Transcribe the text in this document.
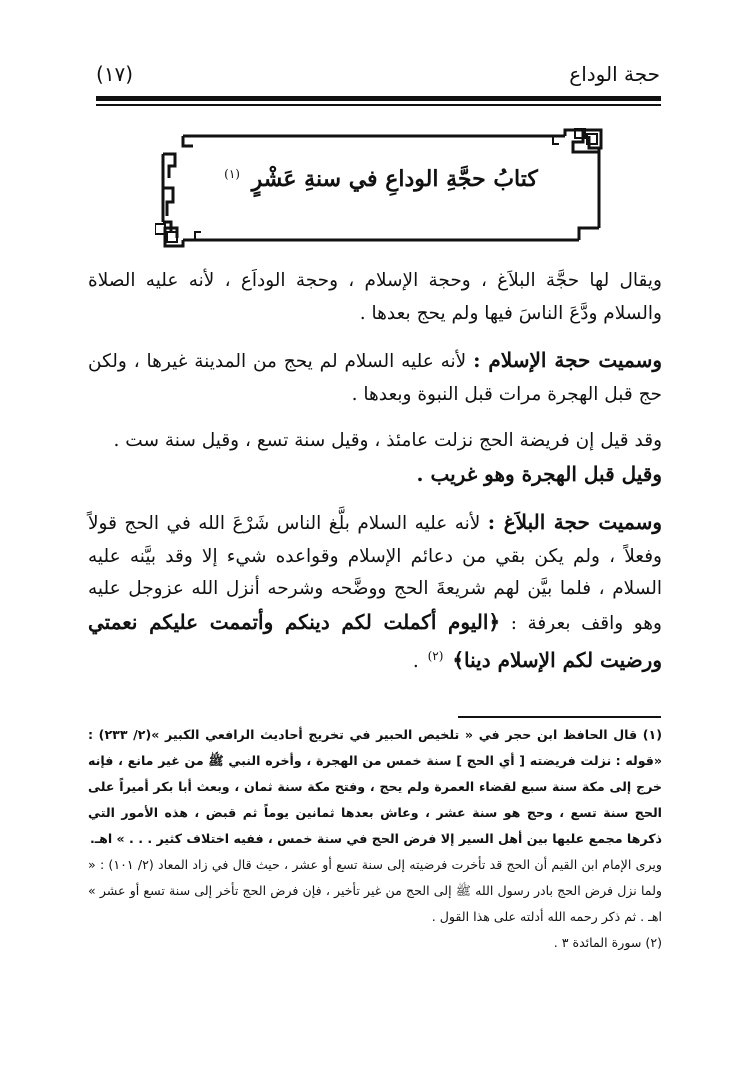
حجة الوداع
(١٧)
كتابُ حجَّةِ الوداعِ في سنةِ عَشْرٍ $^{(١)}$

ويقال لها حجَّة البلاَغ ، وحجة الإسلام ، وحجة الوداَع ، لأنه عليه الصلاة والسلام ودَّعَ الناسَ فيها ولم يحج بعدها .

وسميت حجة الإسلام : لأنه عليه السلام لم يحج من المدينة غيرها ، ولكن حج قبل الهجرة مرات قبل النبوة وبعدها .

وقد قيل إن فريضة الحج نزلت عامئذ ، وقيل سنة تسع ، وقيل سنة ست .
وقيل قبل الهجرة وهو غريب .

وسميت حجة البلاَغ : لأنه عليه السلام بلَّغ الناس شَرْعَ الله في الحج قولاً وفعلاً ، ولم يكن بقي من دعائم الإسلام وقواعده شيء إلا وقد بيَّنه عليه السلام ، فلما بيَّن لهم شريعةَ الحج ووضَّحه وشرحه أنزل الله عزوجل عليه وهو واقف بعرفة : ﴿اليوم أكملت لكم دينكم وأتممت عليكم نعمتي ورضيت لكم الإسلام دينا﴾ $^{(٢)}$ .

(١) قال الحافظ ابن حجر في « تلخيص الحبير في تخريج أحاديث الرافعي الكبير »(٢/ ٢٣٣) : «قوله : نزلت فريضته [ أي الحج ] سنة خمس من الهجرة ، وأخره النبي ﷺ من غير مانع ، فإنه خرج إلى مكة سنة سبع لقضاء العمرة ولم يحج ، وفتح مكة سنة ثمان ، وبعث أبا بكر أميراً على الحج سنة تسع ، وحج هو سنة عشر ، وعاش بعدها ثمانين يوماً ثم قبض ، هذه الأمور التي ذكرها مجمع عليها بين أهل السير إلا فرض الحج في سنة خمس ، ففيه اختلاف كثير . . . » اهـ.

ويرى الإمام ابن القيم أن الحج قد تأخرت فرضيته إلى سنة تسع أو عشر ، حيث قال في زاد المعاد (٢/ ١٠١) : « ولما نزل فرض الحج بادر رسول الله ﷺ إلى الحج من غير تأخير ، فإن فرض الحج تأخر إلى سنة تسع أو عشر » اهـ . ثم ذكر رحمه الله أدلته على هذا القول .

(٢) سورة المائدة ٣ .
